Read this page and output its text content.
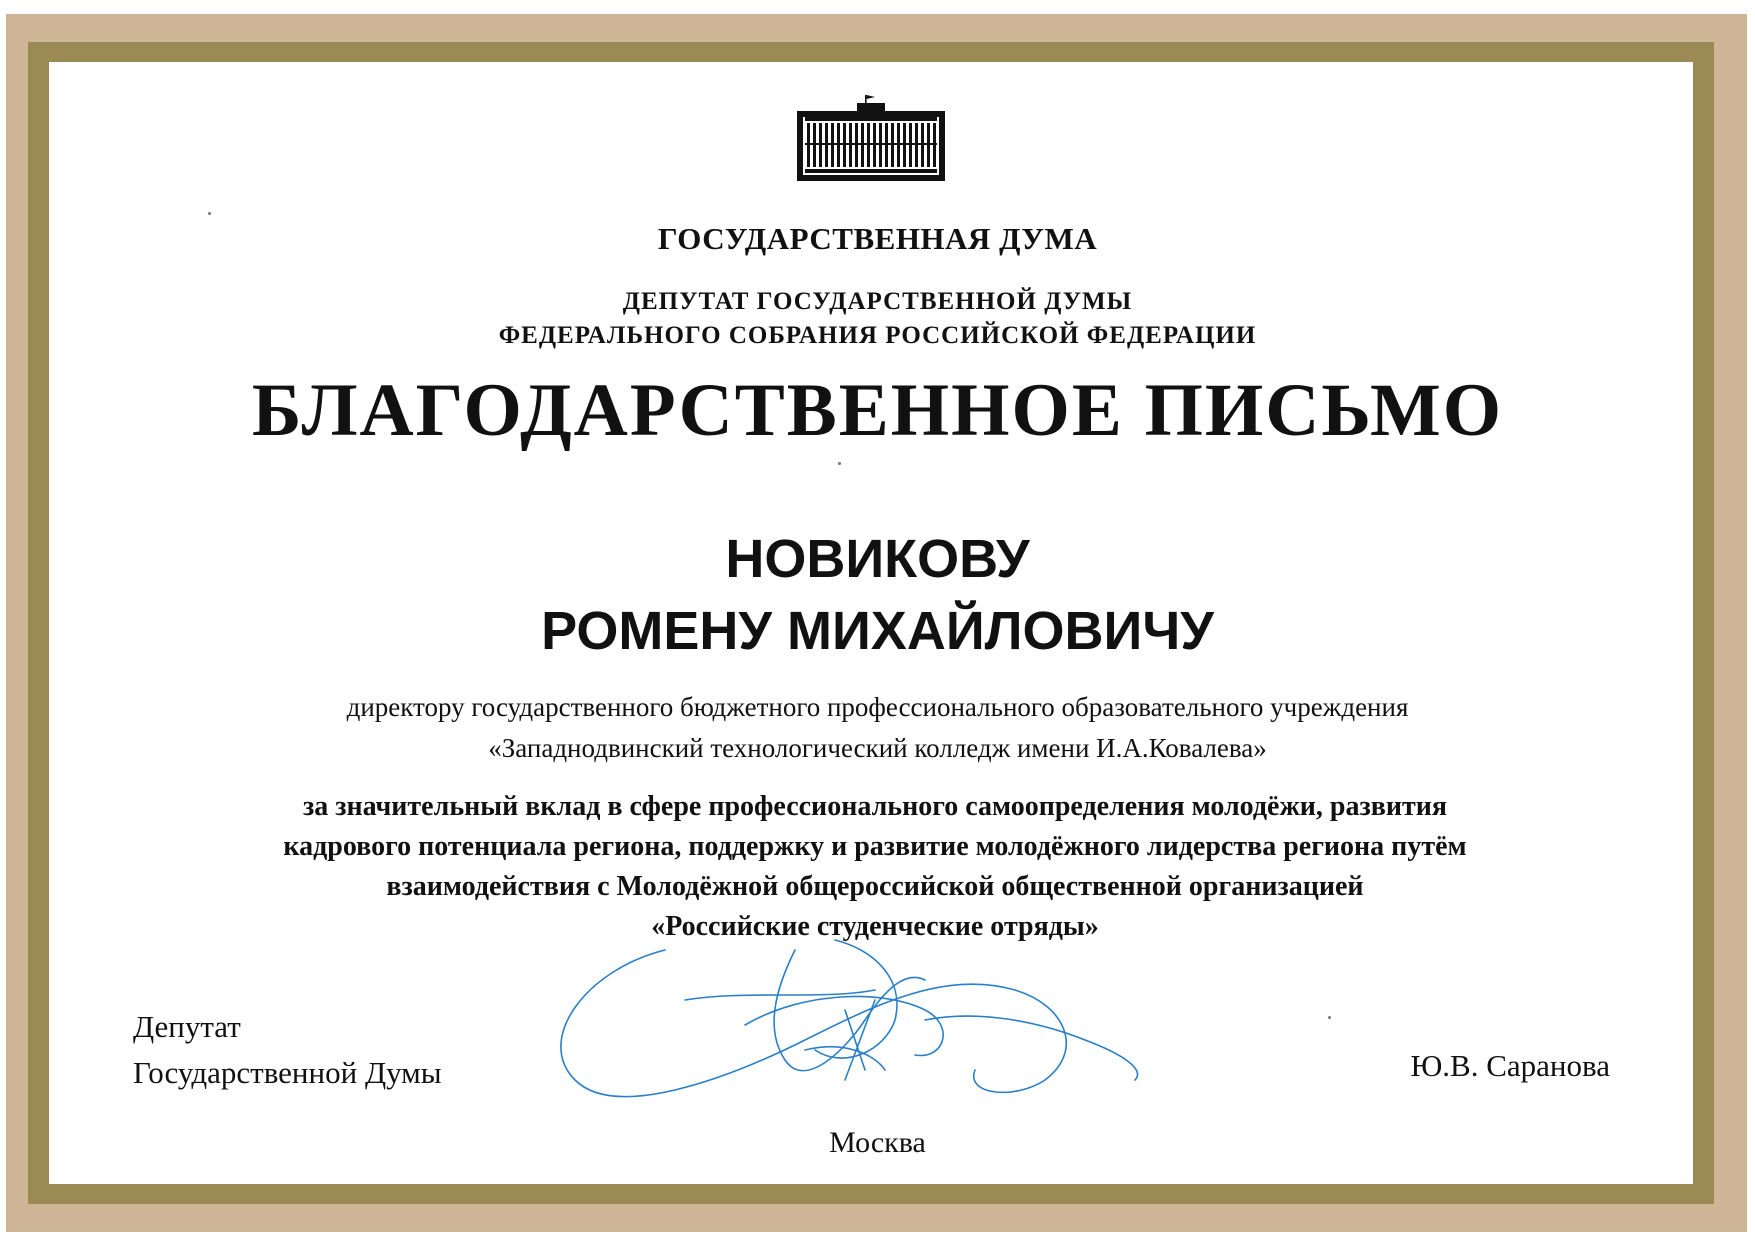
ГОСУДАРСТВЕННАЯ ДУМА
ДЕПУТАТ ГОСУДАРСТВЕННОЙ ДУМЫ
ФЕДЕРАЛЬНОГО СОБРАНИЯ РОССИЙСКОЙ ФЕДЕРАЦИИ
БЛАГОДАРСТВЕННОЕ ПИСЬМО
НОВИКОВУ
РОМЕНУ МИХАЙЛОВИЧУ
директору государственного бюджетного профессионального образовательного учреждения
«Западнодвинский технологический колледж имени И.А.Ковалева»
за значительный вклад в сфере профессионального самоопределения молодёжи, развития
кадрового потенциала региона, поддержку и развитие молодёжного лидерства региона путём
взаимодействия с Молодёжной общероссийской общественной организацией
«Российские студенческие отряды»
Депутат
Государственной Думы	Ю.В. Саранова
Москва
